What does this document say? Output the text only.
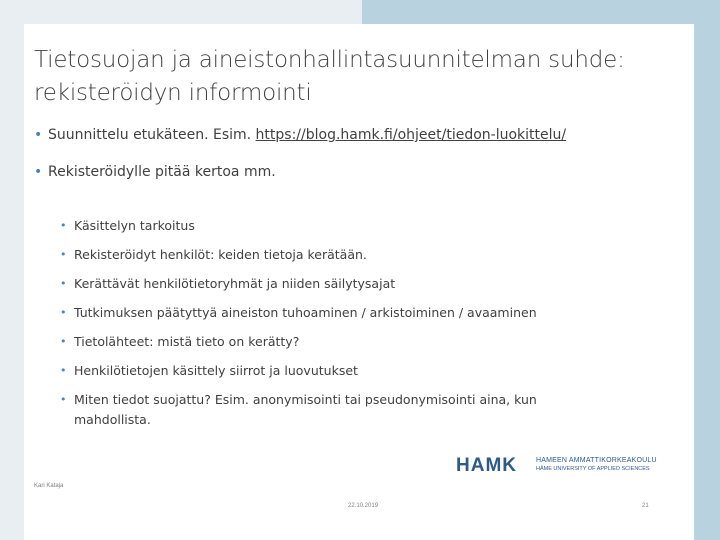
Tietosuojan ja aineistonhallintasuunnitelman suhde: rekisteröidyn informointi
• Suunnittelu etukäteen. Esim. https://blog.hamk.fi/ohjeet/tiedon-luokittelu/
• Rekisteröidylle pitää kertoa mm.
• Käsittelyn tarkoitus
• Rekisteröidyt henkilöt: keiden tietoja kerätään.
• Kerättävät henkilötietoryhmät ja niiden säilytysajat
• Tutkimuksen päätyttyä aineiston tuhoaminen / arkistoiminen / avaaminen
• Tietolähteet: mistä tieto on kerätty?
• Henkilötietojen käsittely siirrot ja luovutukset
• Miten tiedot suojattu? Esim. anonymisointi tai pseudonymisointi aina, kun mahdollista.
HAMK	HAMEEN AMMATTIKORKEAKOULU
HÄME UNIVERSITY OF APPLIED SCIENCES
Kari Kataja
22.10.2019	21
